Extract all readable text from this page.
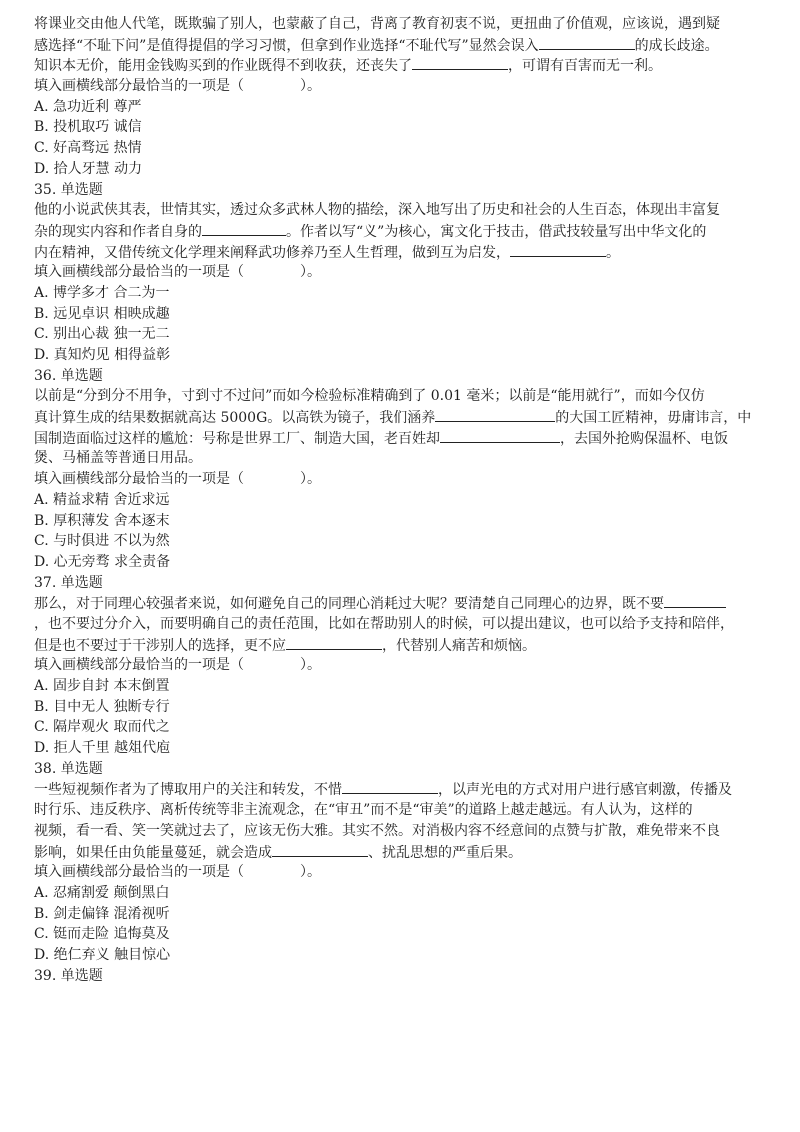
将课业交由他人代笔，既欺骗了别人，也蒙蔽了自己，背离了教育初衷不说，更扭曲了价值观，应该说，遇到疑
感选择“不耻下问”是值得提倡的学习习惯，但拿到作业选择“不耻代写”显然会误入	的成长歧途。
知识本无价，能用金钱购买到的作业既得不到收获，还丧失了	，可谓有百害而无一利。
填入画横线部分最恰当的一项是（　　　　）。
A. 急功近利 尊严
B. 投机取巧 诚信
C. 好高骛远 热情
D. 拾人牙慧 动力
35. 单选题
他的小说武侠其表，世情其实，透过众多武林人物的描绘，深入地写出了历史和社会的人生百态，体现出丰富复
杂的现实内容和作者自身的	。作者以写“义”为核心，寓文化于技击，借武技较量写出中华文化的
内在精神，又借传统文化学理来阐释武功修养乃至人生哲理，做到互为启发，	。
填入画横线部分最恰当的一项是（　　　　）。
A. 博学多才 合二为一
B. 远见卓识 相映成趣
C. 别出心裁 独一无二
D. 真知灼见 相得益彰
36. 单选题
以前是“分到分不用争，寸到寸不过问”而如今检验标准精确到了 0.01 毫米；以前是“能用就行”，而如今仅仿
真计算生成的结果数据就高达 5000G。以高铁为镜子，我们涵养	的大国工匠精神，毋庸讳言，中
国制造面临过这样的尴尬：号称是世界工厂、制造大国，老百姓却	，去国外抢购保温杯、电饭
煲、马桶盖等普通日用品。
填入画横线部分最恰当的一项是（　　　　）。
A. 精益求精 舍近求远
B. 厚积薄发 舍本逐末
C. 与时俱进 不以为然
D. 心无旁骛 求全责备
37. 单选题
那么，对于同理心较强者来说，如何避免自己的同理心消耗过大呢？要清楚自己同理心的边界，既不要
，也不要过分介入，而要明确自己的责任范围，比如在帮助别人的时候，可以提出建议，也可以给予支持和陪伴，
但是也不要过于干涉别人的选择，更不应	，代替别人痛苦和烦恼。
填入画横线部分最恰当的一项是（　　　　）。
A. 固步自封 本末倒置
B. 目中无人 独断专行
C. 隔岸观火 取而代之
D. 拒人千里 越俎代庖
38. 单选题
一些短视频作者为了博取用户的关注和转发，不惜	，以声光电的方式对用户进行感官刺激，传播及
时行乐、违反秩序、离析传统等非主流观念，在“审丑”而不是“审美”的道路上越走越远。有人认为，这样的
视频，看一看、笑一笑就过去了，应该无伤大雅。其实不然。对消极内容不经意间的点赞与扩散，难免带来不良
影响，如果任由负能量蔓延，就会造成	、扰乱思想的严重后果。
填入画横线部分最恰当的一项是（　　　　）。
A. 忍痛割爱 颠倒黑白
B. 剑走偏锋 混淆视听
C. 铤而走险 追悔莫及
D. 绝仁弃义 触目惊心
39. 单选题
